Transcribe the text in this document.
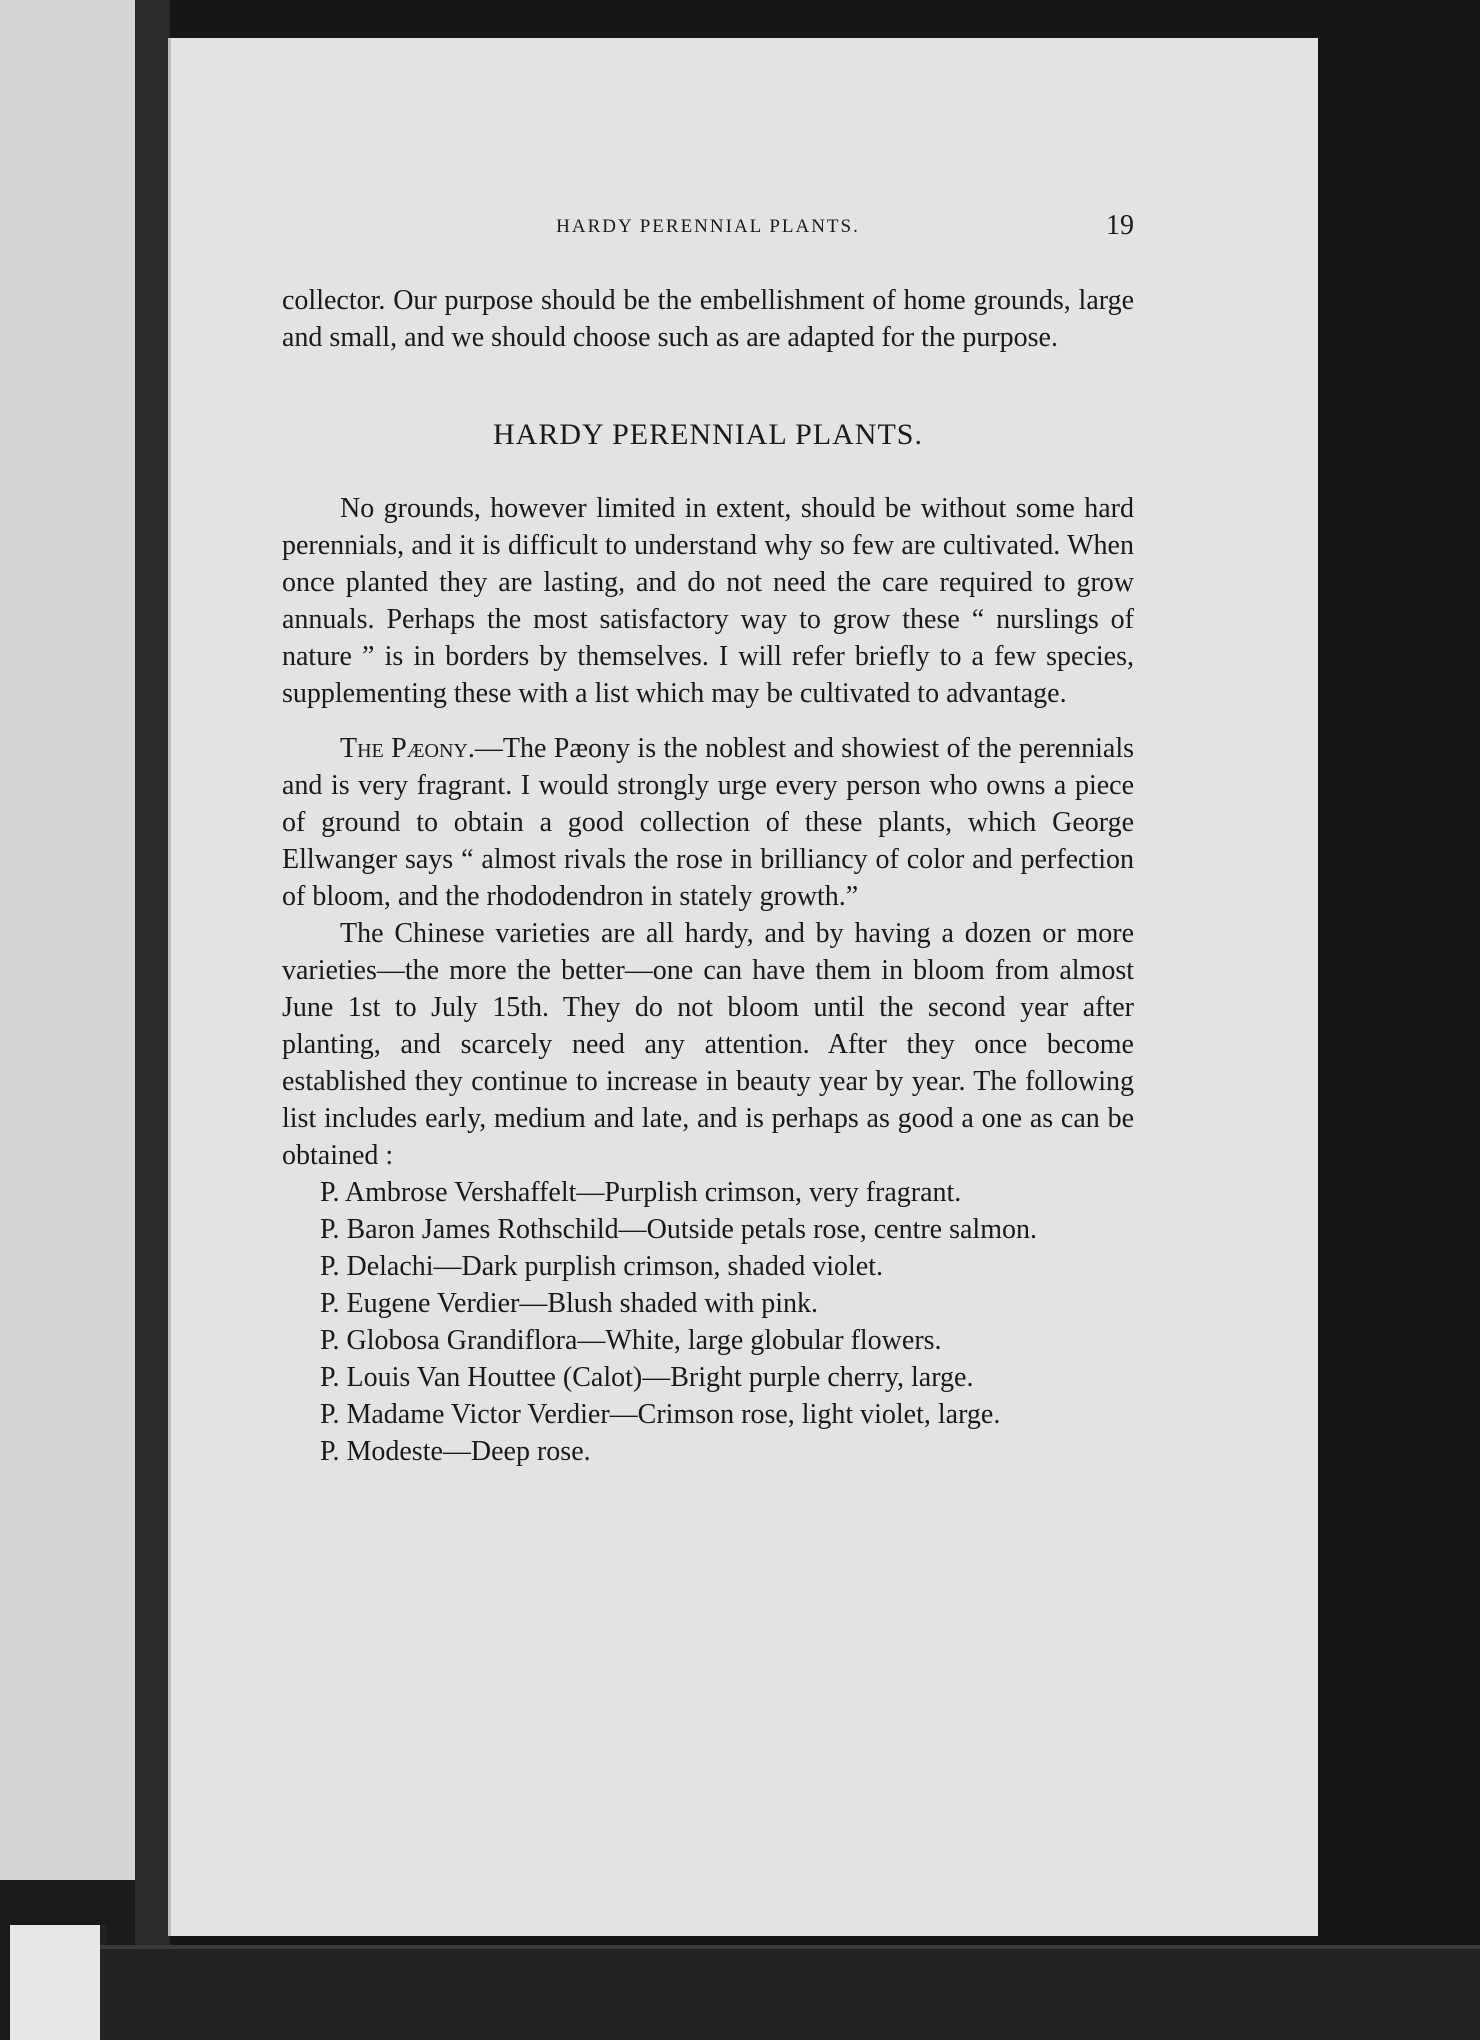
HARDY PERENNIAL PLANTS.	19

collector. Our purpose should be the embellishment of home grounds, large and small, and we should choose such as are adapted for the purpose.

HARDY PERENNIAL PLANTS.

No grounds, however limited in extent, should be without some hard perennials, and it is difficult to understand why so few are cultivated. When once planted they are lasting, and do not need the care required to grow annuals. Perhaps the most satisfactory way to grow these “ nurslings of nature ” is in borders by themselves. I will refer briefly to a few species, supplementing these with a list which may be cultivated to advantage.

The Pæony.—The Pæony is the noblest and showiest of the perennials and is very fragrant. I would strongly urge every person who owns a piece of ground to obtain a good collection of these plants, which George Ellwanger says “ almost rivals the rose in brilliancy of color and perfection of bloom, and the rhododendron in stately growth.”

The Chinese varieties are all hardy, and by having a dozen or more varieties—the more the better—one can have them in bloom from almost June 1st to July 15th. They do not bloom until the second year after planting, and scarcely need any attention. After they once become established they continue to increase in beauty year by year. The following list includes early, medium and late, and is perhaps as good a one as can be obtained :

P. Ambrose Vershaffelt—Purplish crimson, very fragrant.

P. Baron James Rothschild—Outside petals rose, centre salmon.

P. Delachi—Dark purplish crimson, shaded violet.

P. Eugene Verdier—Blush shaded with pink.

P. Globosa Grandiflora—White, large globular flowers.

P. Louis Van Houttee (Calot)—Bright purple cherry, large.

P. Madame Victor Verdier—Crimson rose, light violet, large.

P. Modeste—Deep rose.
